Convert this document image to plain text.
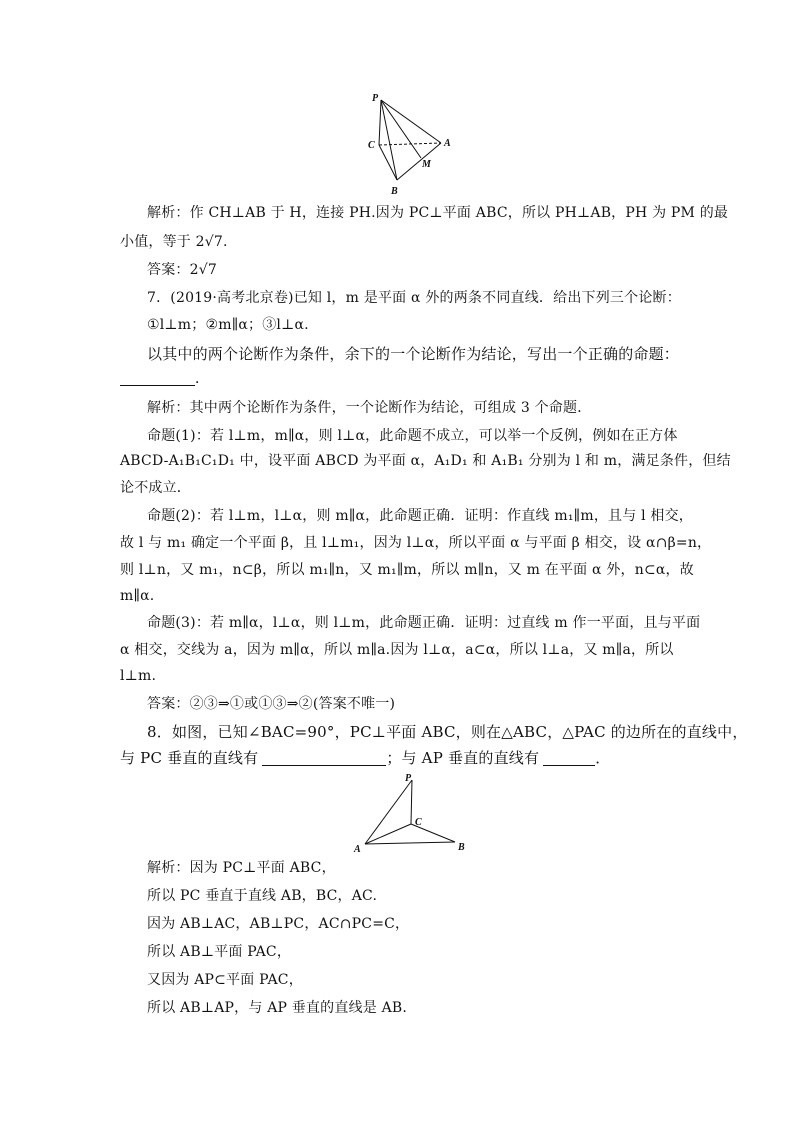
P
C	A
M
B
解析：作 CH⊥AB 于 H，连接 PH.因为 PC⊥平面 ABC，所以 PH⊥AB，PH 为 PM 的最
小值，等于 2√7.
答案：2√7
7．(2019·高考北京卷)已知 l，m 是平面 α 外的两条不同直线．给出下列三个论断：
①l⊥m；②m∥α；③l⊥α.
以其中的两个论断作为条件，余下的一个论断作为结论，写出一个正确的命题：
．
解析：其中两个论断作为条件，一个论断作为结论，可组成 3 个命题．
命题(1)：若 l⊥m，m∥α，则 l⊥α，此命题不成立，可以举一个反例，例如在正方体
ABCD-A₁B₁C₁D₁ 中，设平面 ABCD 为平面 α，A₁D₁ 和 A₁B₁ 分别为 l 和 m，满足条件，但结
论不成立．
命题(2)：若 l⊥m，l⊥α，则 m∥α，此命题正确．证明：作直线 m₁∥m，且与 l 相交，
故 l 与 m₁ 确定一个平面 β，且 l⊥m₁，因为 l⊥α，所以平面 α 与平面 β 相交，设 α∩β=n，
则 l⊥n，又 m₁，n⊂β，所以 m₁∥n，又 m₁∥m，所以 m∥n，又 m 在平面 α 外，n⊂α，故
m∥α.
命题(3)：若 m∥α，l⊥α，则 l⊥m，此命题正确．证明：过直线 m 作一平面，且与平面
α 相交，交线为 a，因为 m∥α，所以 m∥a.因为 l⊥α，a⊂α，所以 l⊥a，又 m∥a，所以
l⊥m.
答案：②③⇒①或①③⇒②(答案不唯一)
8．如图，已知∠BAC=90°，PC⊥平面 ABC，则在△ABC，△PAC 的边所在的直线中，
与 PC 垂直的直线有	；与 AP 垂直的直线有	．
P
C
A	B
解析：因为 PC⊥平面 ABC，
所以 PC 垂直于直线 AB，BC，AC.
因为 AB⊥AC，AB⊥PC，AC∩PC=C，
所以 AB⊥平面 PAC，
又因为 AP⊂平面 PAC，
所以 AB⊥AP，与 AP 垂直的直线是 AB.
